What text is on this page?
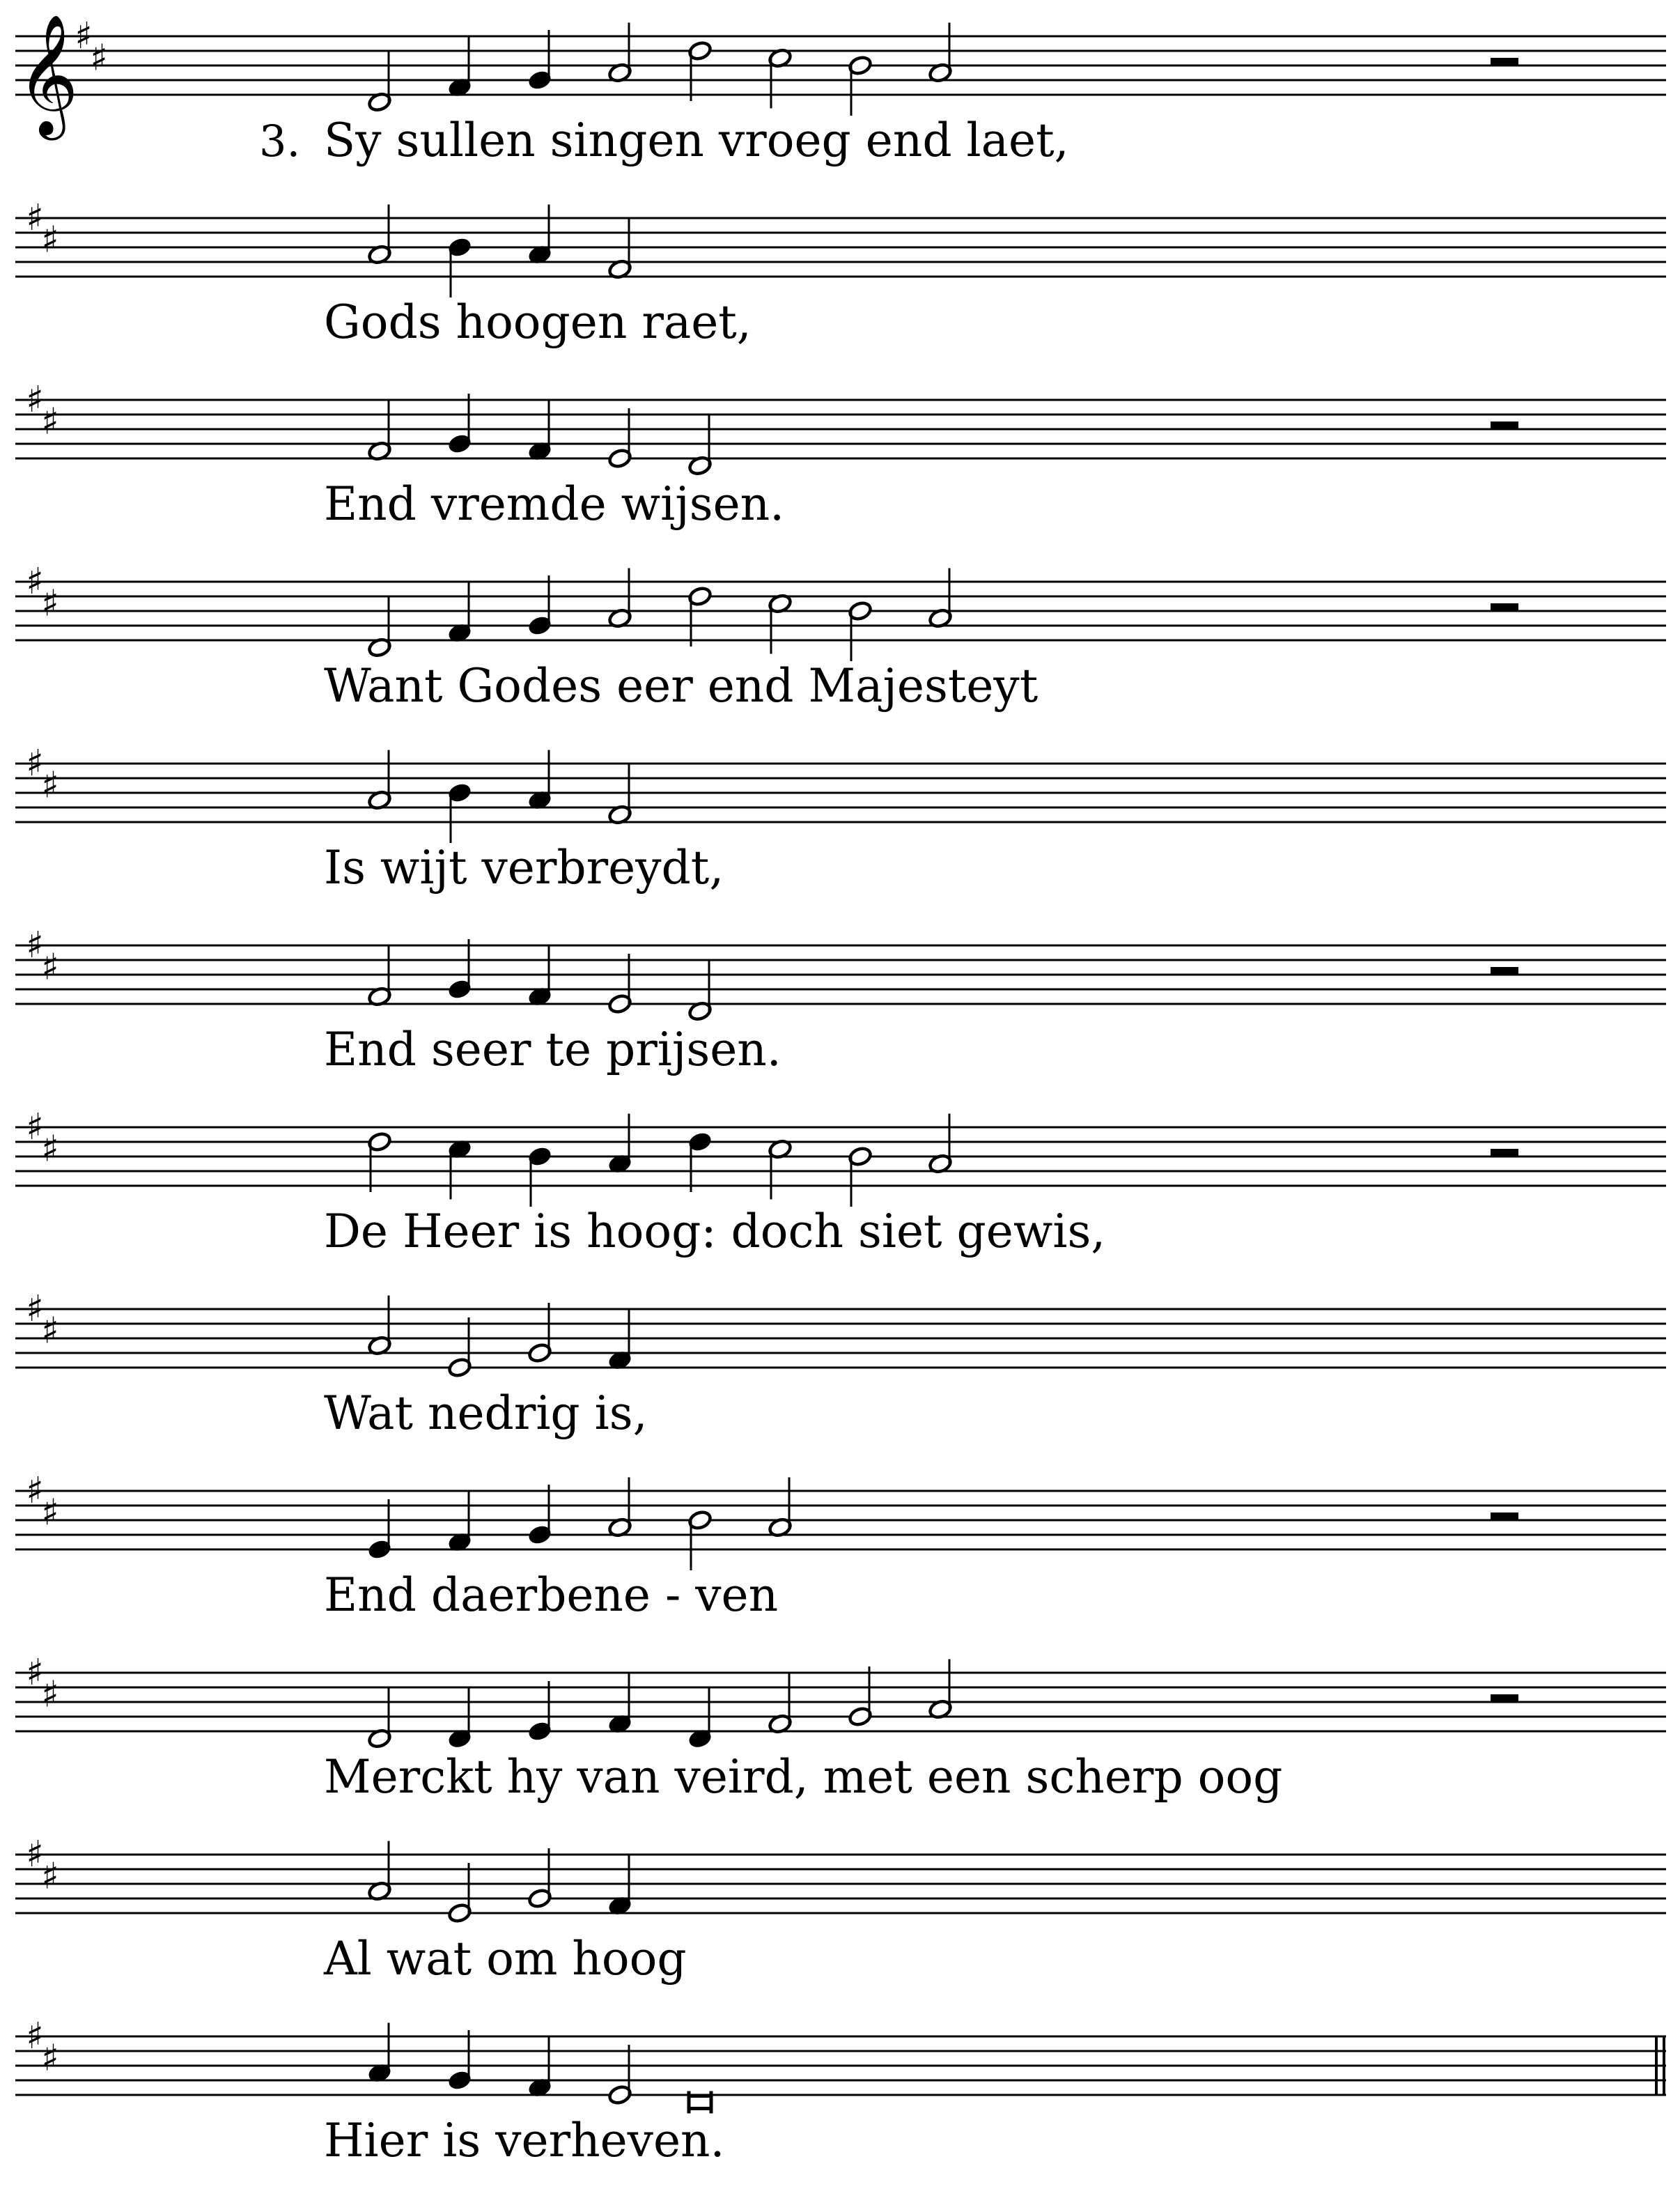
𝄞
♯
♯
3. Sy sullen singen vroeg end laet,
♯
♯
Gods hoogen raet,
♯
♯
End vremde wijsen.
♯
♯
Want Godes eer end Majesteyt
♯
♯
Is wijt verbreydt,
♯
♯
End seer te prijsen.
♯
♯
De Heer is hoog: doch siet gewis,
♯
♯
Wat nedrig is,
♯
♯
End daerbene - ven
♯
♯
Merckt hy van veird, met een scherp oog
♯
♯
Al wat om hoog
♯
♯
Hier is verheven.
